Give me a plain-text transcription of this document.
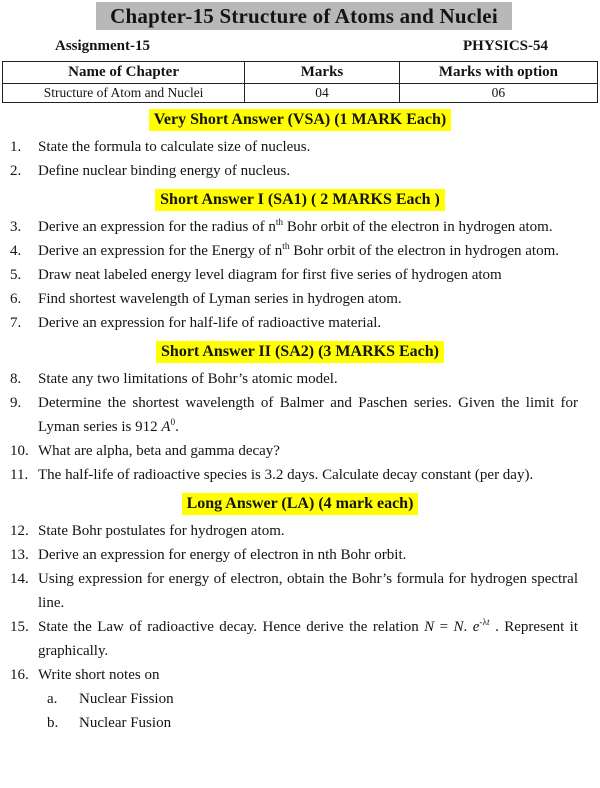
Chapter-15 Structure of Atoms and Nuclei
Assignment-15	PHYSICS-54
Name of Chapter	Marks	Marks with option
Structure of Atom and Nuclei	04	06
Very Short Answer (VSA) (1 MARK Each)
1.	State the formula to calculate size of nucleus.
2.	Define nuclear binding energy of nucleus.
Short Answer I (SA1) ( 2 MARKS Each )
3.	Derive an expression for the radius of $n^{th}$ Bohr orbit of the electron in hydrogen atom.
4.	Derive an expression for the Energy of $n^{th}$ Bohr orbit of the electron in hydrogen atom.
5.	Draw neat labeled energy level diagram for first five series of hydrogen atom
6.	Find shortest wavelength of Lyman series in hydrogen atom.
7.	Derive an expression for half-life of radioactive material.
Short Answer II (SA2) (3 MARKS Each)
8.	State any two limitations of Bohr’s atomic model.
9.	Determine the shortest wavelength of Balmer and Paschen series. Given the limit for Lyman series is 912 $A^0$.
10. What are alpha, beta and gamma decay?
11. The half-life of radioactive species is 3.2 days. Calculate decay constant (per day).
Long Answer (LA) (4 mark each)
12. State Bohr postulates for hydrogen atom.
13. Derive an expression for energy of electron in nth Bohr orbit.
14. Using expression for energy of electron, obtain the Bohr’s formula for hydrogen spectral line.
15. State the Law of radioactive decay. Hence derive the relation N = N. $e^{-\lambda t}$ . Represent it graphically.
16. Write short notes on
a.	Nuclear Fission
b.	Nuclear Fusion
